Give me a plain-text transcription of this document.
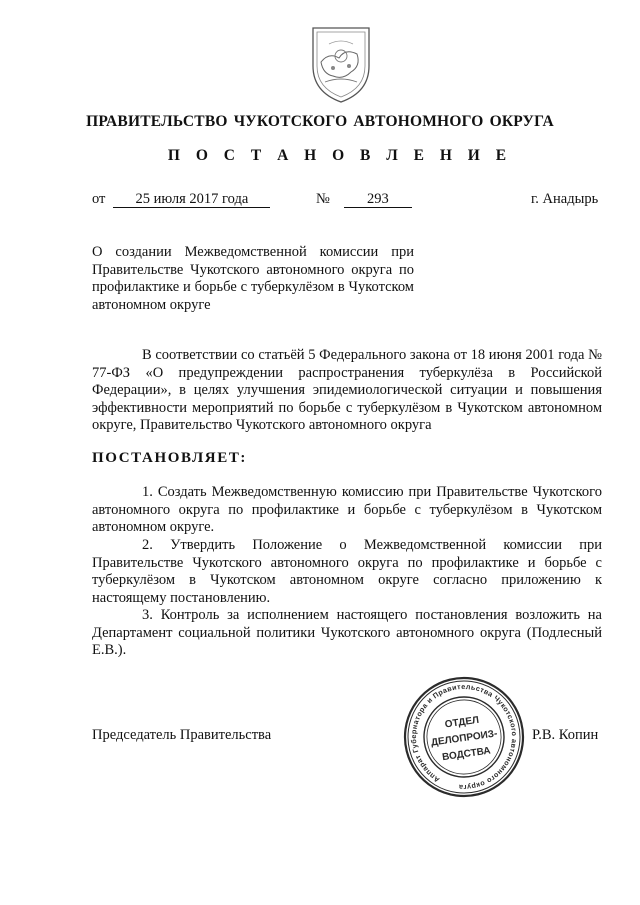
ПРАВИТЕЛЬСТВО ЧУКОТСКОГО АВТОНОМНОГО ОКРУГА
П О С Т А Н О В Л Е Н И Е
от 25 июля 2017 года	№	293	г. Анадырь
О создании Межведомственной комиссии при Правительстве Чукотского автономного округа по профилактике и борьбе с туберкулёзом в Чукотском автономном округе
В соответствии со статьёй 5 Федерального закона от 18 июня 2001 года № 77-ФЗ «О предупреждении распространения туберкулёза в Российской Федерации», в целях улучшения эпидемиологической ситуации и повышения эффективности мероприятий по борьбе с туберкулёзом в Чукотском автономном округе, Правительство Чукотского автономного округа
ПОСТАНОВЛЯЕТ:
1. Создать Межведомственную комиссию при Правительстве Чукотского автономного округа по профилактике и борьбе с туберкулёзом в Чукотском автономном округе.
2. Утвердить Положение о Межведомственной комиссии при Правительстве Чукотского автономного округа по профилактике и борьбе с туберкулёзом в Чукотском автономном округе согласно приложению к настоящему постановлению.
3. Контроль за исполнением настоящего постановления возложить на Департамент социальной политики Чукотского автономного округа (Подлесный Е.В.).
Председатель Правительства	Р.В. Копин
Аппарат Губернатора и Правительства Чукотского автономного округа
ОТДЕЛ
ДЕЛОПРОИЗ-
ВОДСТВА
